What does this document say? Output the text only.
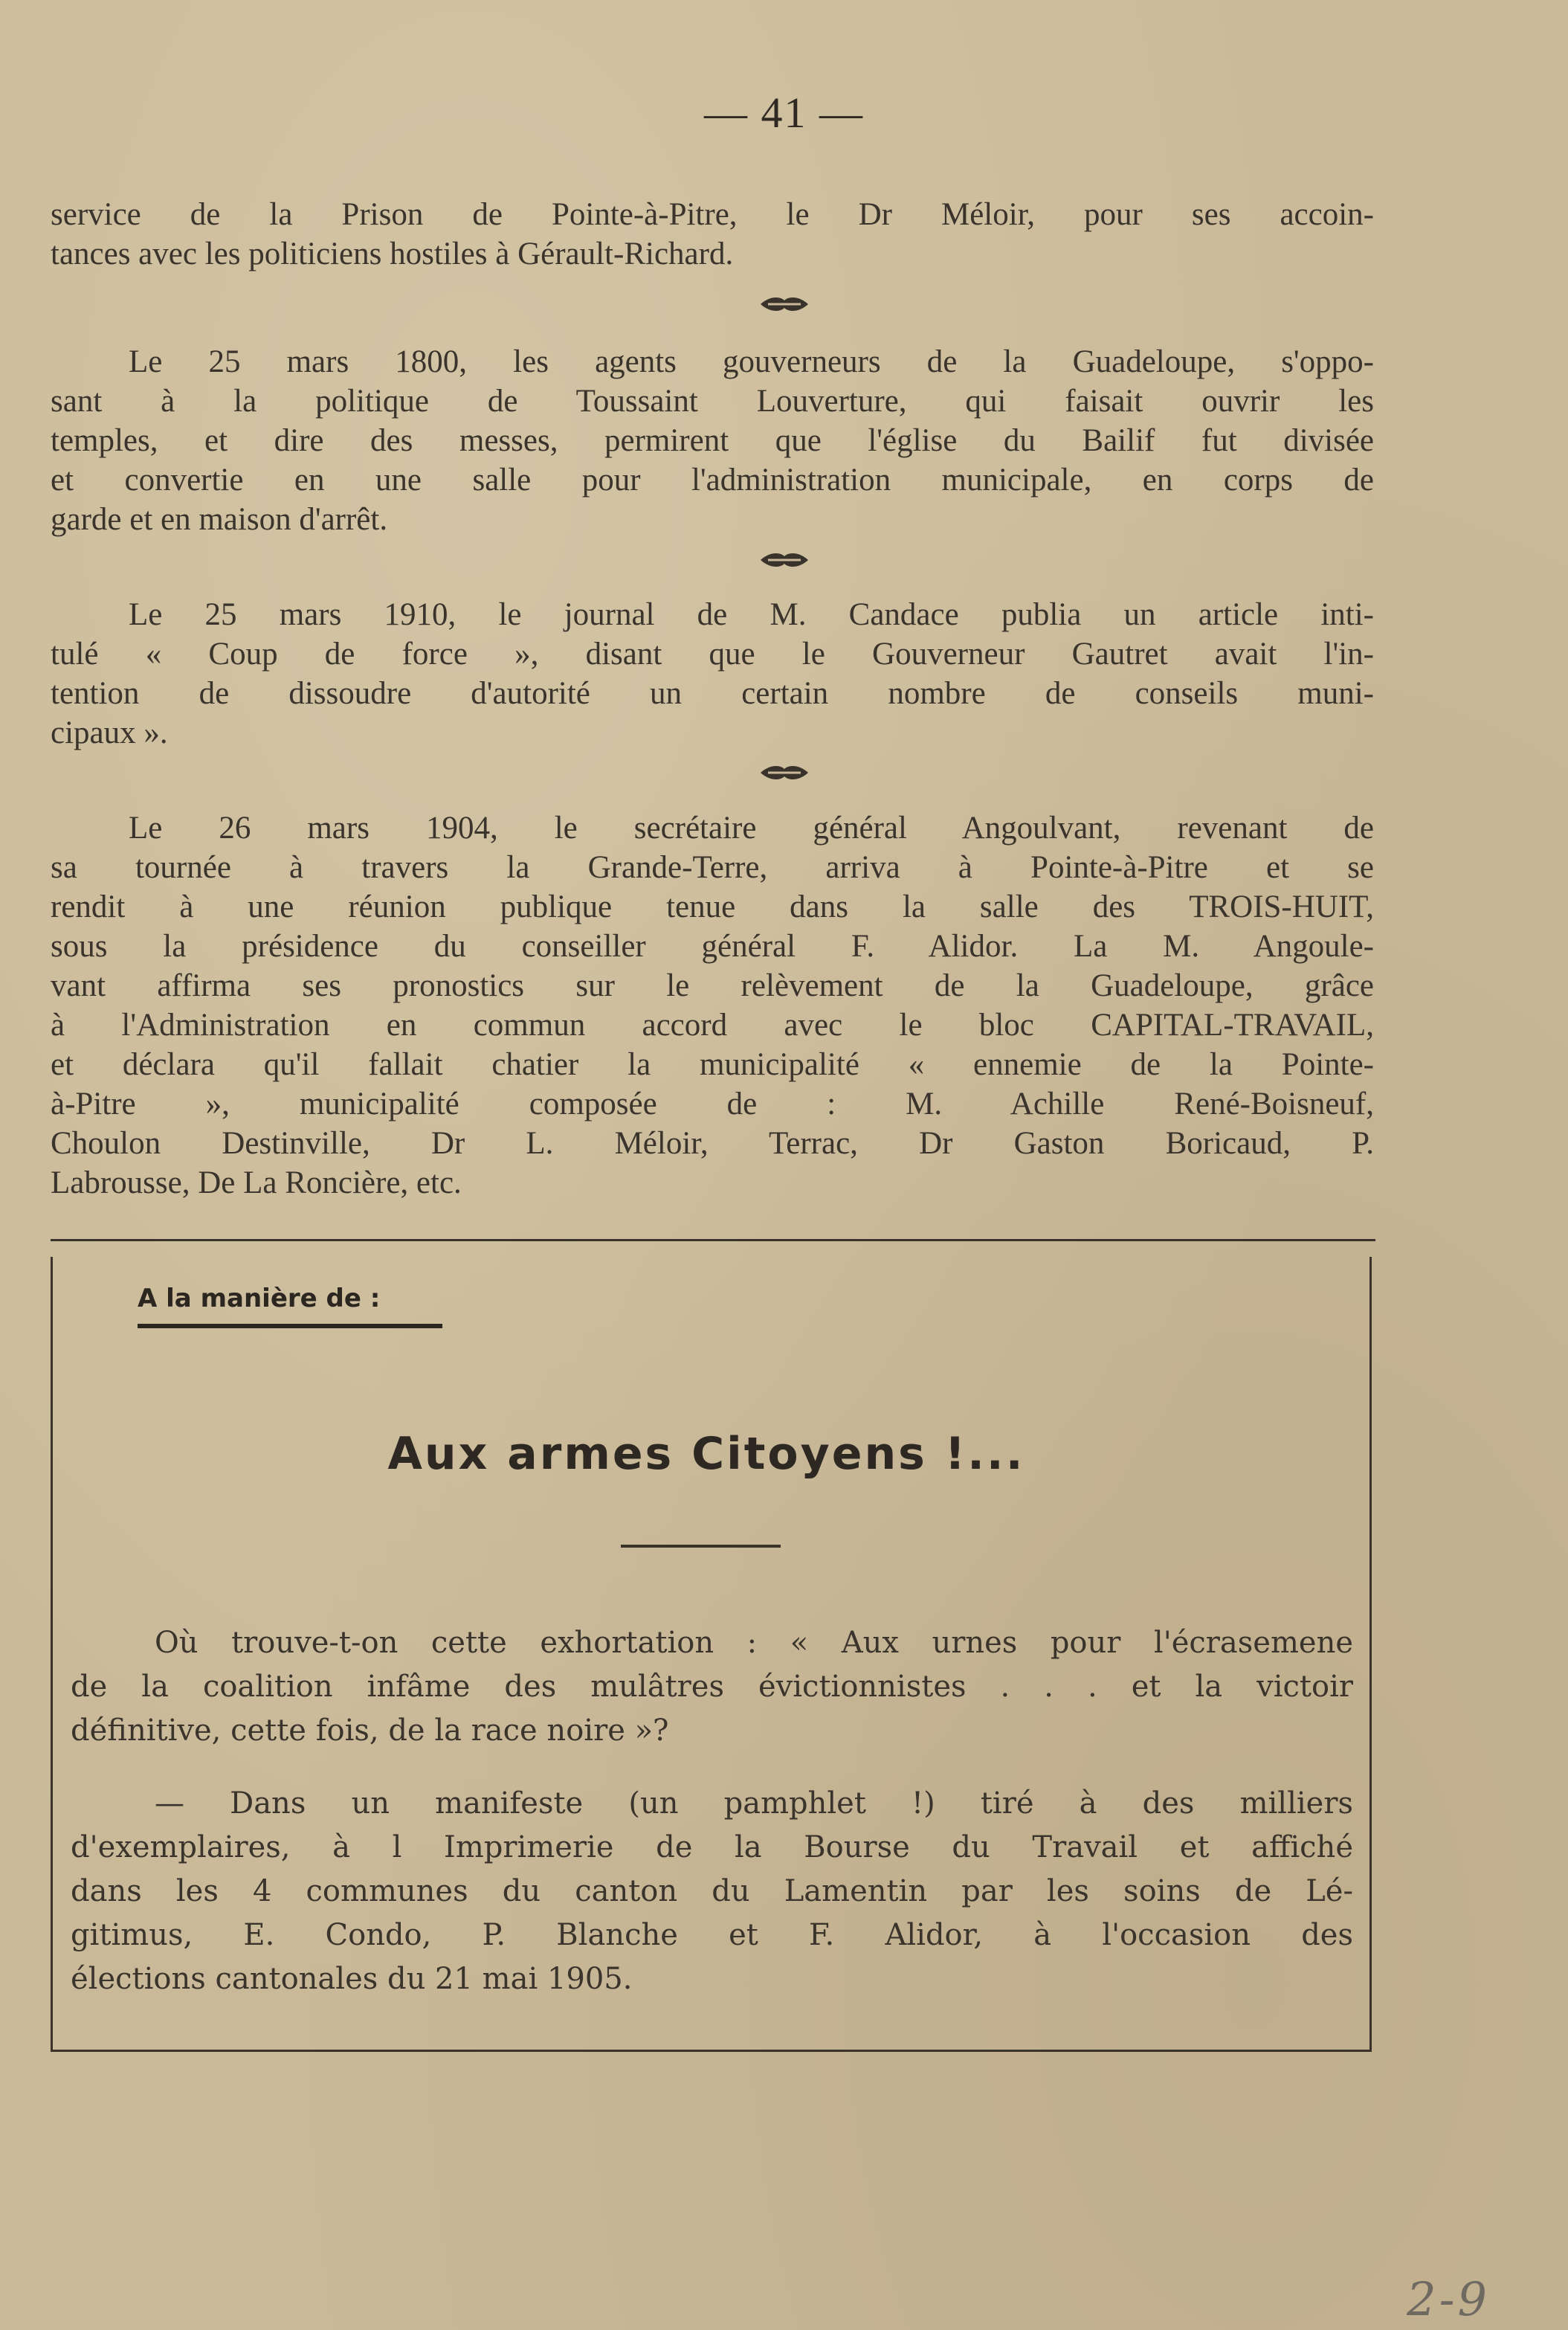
— 41 —
service de la Prison de Pointe-à-Pitre, le Dr Méloir, pour ses accoin-
tances avec les politiciens hostiles à Gérault-Richard.
Le 25 mars 1800, les agents gouverneurs de la Guadeloupe, s'oppo-
sant à la politique de Toussaint Louverture, qui faisait ouvrir les
temples, et dire des messes, permirent que l'église du Bailif fut divisée
et convertie en une salle pour l'administration municipale, en corps de
garde et en maison d'arrêt.
Le 25 mars 1910, le journal de M. Candace publia un article inti-
tulé « Coup de force », disant que le Gouverneur Gautret avait l'in-
tention de dissoudre d'autorité un certain nombre de conseils muni-
cipaux ».
Le 26 mars 1904, le secrétaire général Angoulvant, revenant de
sa tournée à travers la Grande-Terre, arriva à Pointe-à-Pitre et se
rendit à une réunion publique tenue dans la salle des TROIS-HUIT,
sous la présidence du conseiller général F. Alidor. La M. Angoule-
vant affirma ses pronostics sur le relèvement de la Guadeloupe, grâce
à l'Administration en commun accord avec le bloc CAPITAL-TRAVAIL,
et déclara qu'il fallait chatier la municipalité « ennemie de la Pointe-
à-Pitre », municipalité composée de : M. Achille René-Boisneuf,
Choulon Destinville, Dr L. Méloir, Terrac, Dr Gaston Boricaud, P.
Labrousse, De La Roncière, etc.
A la manière de :
Aux armes Citoyens !...
Où trouve-t-on cette exhortation : « Aux urnes pour l'écrasemene
de la coalition infâme des mulâtres évictionnistes . . . et la victoir
définitive, cette fois, de la race noire »?
— Dans un manifeste (un pamphlet !) tiré à des milliers
d'exemplaires, à l Imprimerie de la Bourse du Travail et affiché
dans les 4 communes du canton du Lamentin par les soins de Lé-
gitimus, E. Condo, P. Blanche et F. Alidor, à l'occasion des
élections cantonales du 21 mai 1905.
2-9
